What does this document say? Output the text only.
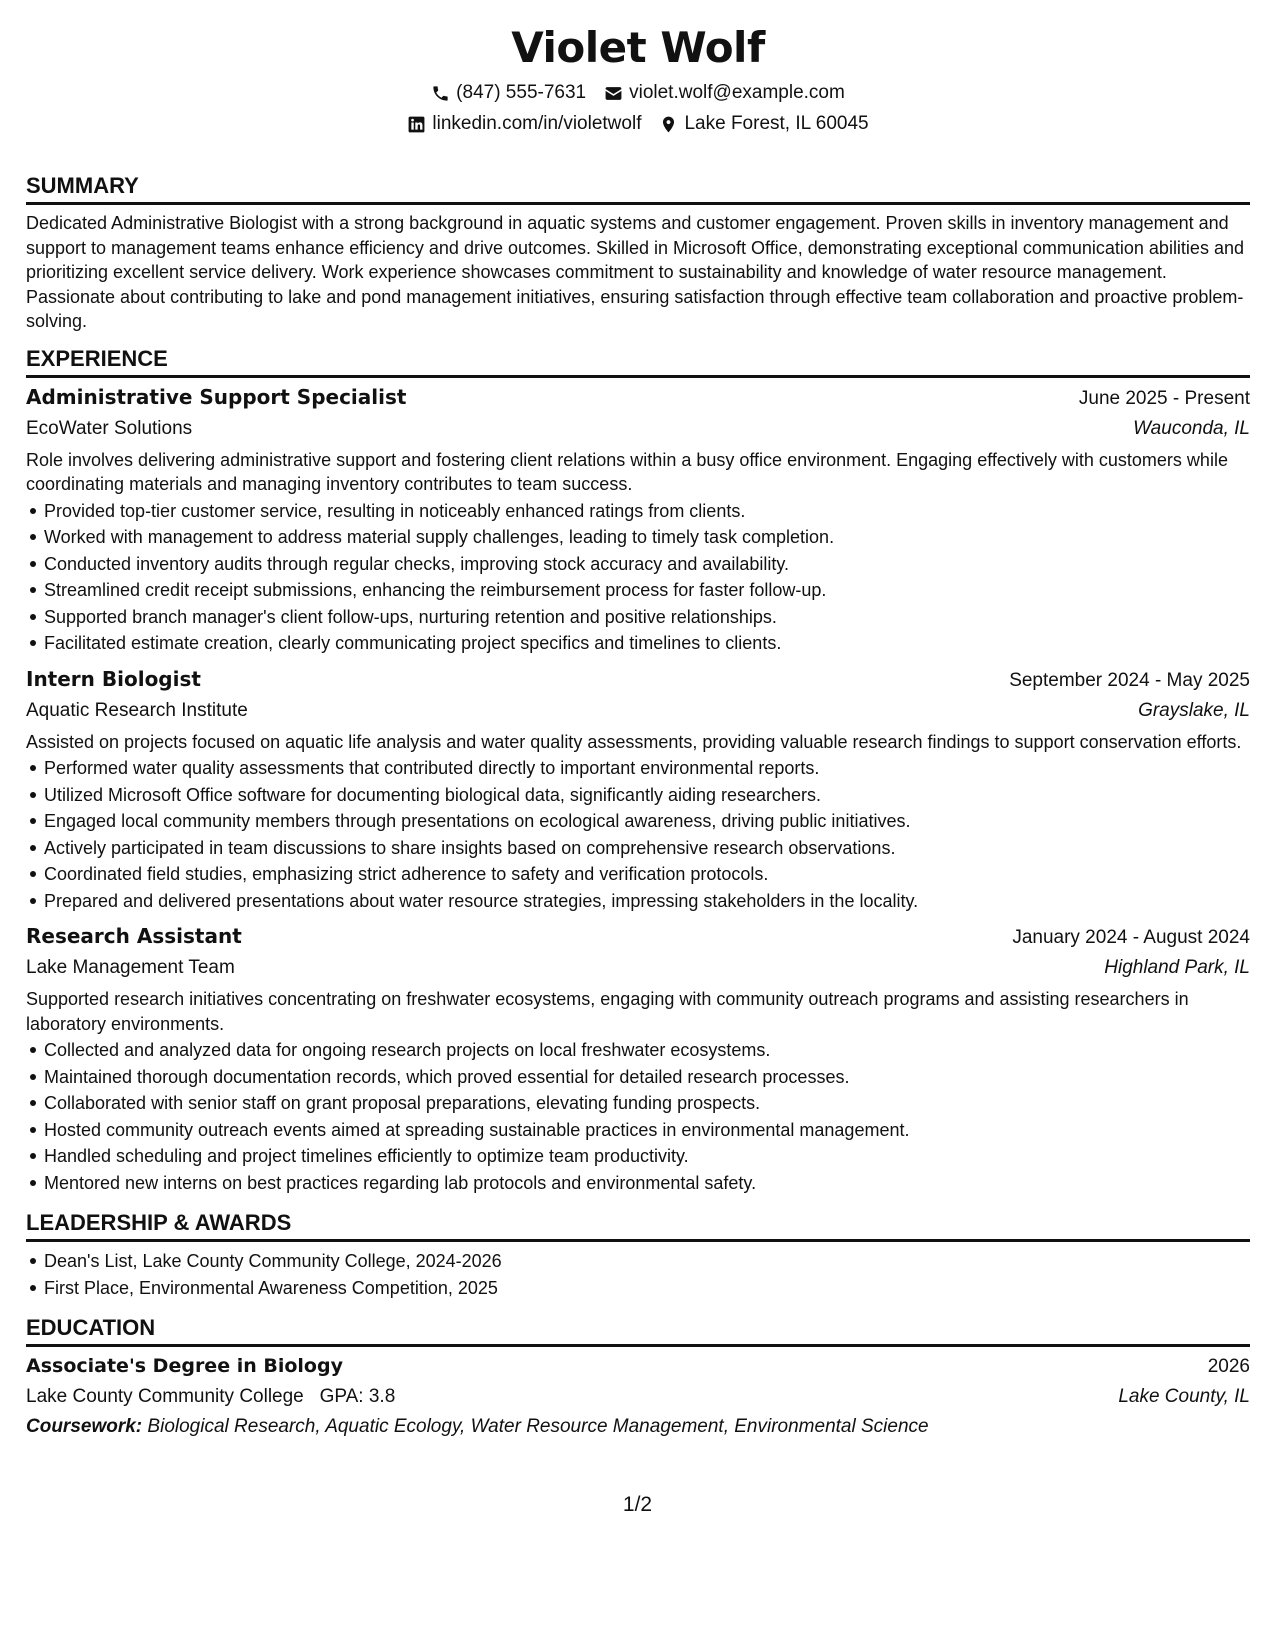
Violet Wolf
(847) 555-7631 violet.wolf@example.com
linkedin.com/in/violetwolf Lake Forest, IL 60045
SUMMARY

Dedicated Administrative Biologist with a strong background in aquatic systems and customer engagement. Proven skills in inventory management and support to management teams enhance efficiency and drive outcomes. Skilled in Microsoft Office, demonstrating exceptional communication abilities and prioritizing excellent service delivery. Work experience showcases commitment to sustainability and knowledge of water resource management. Passionate about contributing to lake and pond management initiatives, ensuring satisfaction through effective team collaboration and proactive problem-solving.

EXPERIENCE
Administrative Support Specialist	June 2025 - Present
EcoWater Solutions	Wauconda, IL

Role involves delivering administrative support and fostering client relations within a busy office environment. Engaging effectively with customers while coordinating materials and managing inventory contributes to team success.

Provided top-tier customer service, resulting in noticeably enhanced ratings from clients.
Worked with management to address material supply challenges, leading to timely task completion.
Conducted inventory audits through regular checks, improving stock accuracy and availability.
Streamlined credit receipt submissions, enhancing the reimbursement process for faster follow-up.
Supported branch manager's client follow-ups, nurturing retention and positive relationships.
Facilitated estimate creation, clearly communicating project specifics and timelines to clients.
Intern Biologist	September 2024 - May 2025
Aquatic Research Institute	Grayslake, IL

Assisted on projects focused on aquatic life analysis and water quality assessments, providing valuable research findings to support conservation efforts.

Performed water quality assessments that contributed directly to important environmental reports.
Utilized Microsoft Office software for documenting biological data, significantly aiding researchers.
Engaged local community members through presentations on ecological awareness, driving public initiatives.
Actively participated in team discussions to share insights based on comprehensive research observations.
Coordinated field studies, emphasizing strict adherence to safety and verification protocols.
Prepared and delivered presentations about water resource strategies, impressing stakeholders in the locality.
Research Assistant	January 2024 - August 2024
Lake Management Team	Highland Park, IL

Supported research initiatives concentrating on freshwater ecosystems, engaging with community outreach programs and assisting researchers in laboratory environments.

Collected and analyzed data for ongoing research projects on local freshwater ecosystems.
Maintained thorough documentation records, which proved essential for detailed research processes.
Collaborated with senior staff on grant proposal preparations, elevating funding prospects.
Hosted community outreach events aimed at spreading sustainable practices in environmental management.
Handled scheduling and project timelines efficiently to optimize team productivity.
Mentored new interns on best practices regarding lab protocols and environmental safety.
LEADERSHIP & AWARDS
Dean's List, Lake County Community College, 2024-2026
First Place, Environmental Awareness Competition, 2025
EDUCATION
Associate's Degree in Biology	2026
Lake County Community College GPA: 3.8	Lake County, IL
Coursework: Biological Research, Aquatic Ecology, Water Resource Management, Environmental Science
1/2
